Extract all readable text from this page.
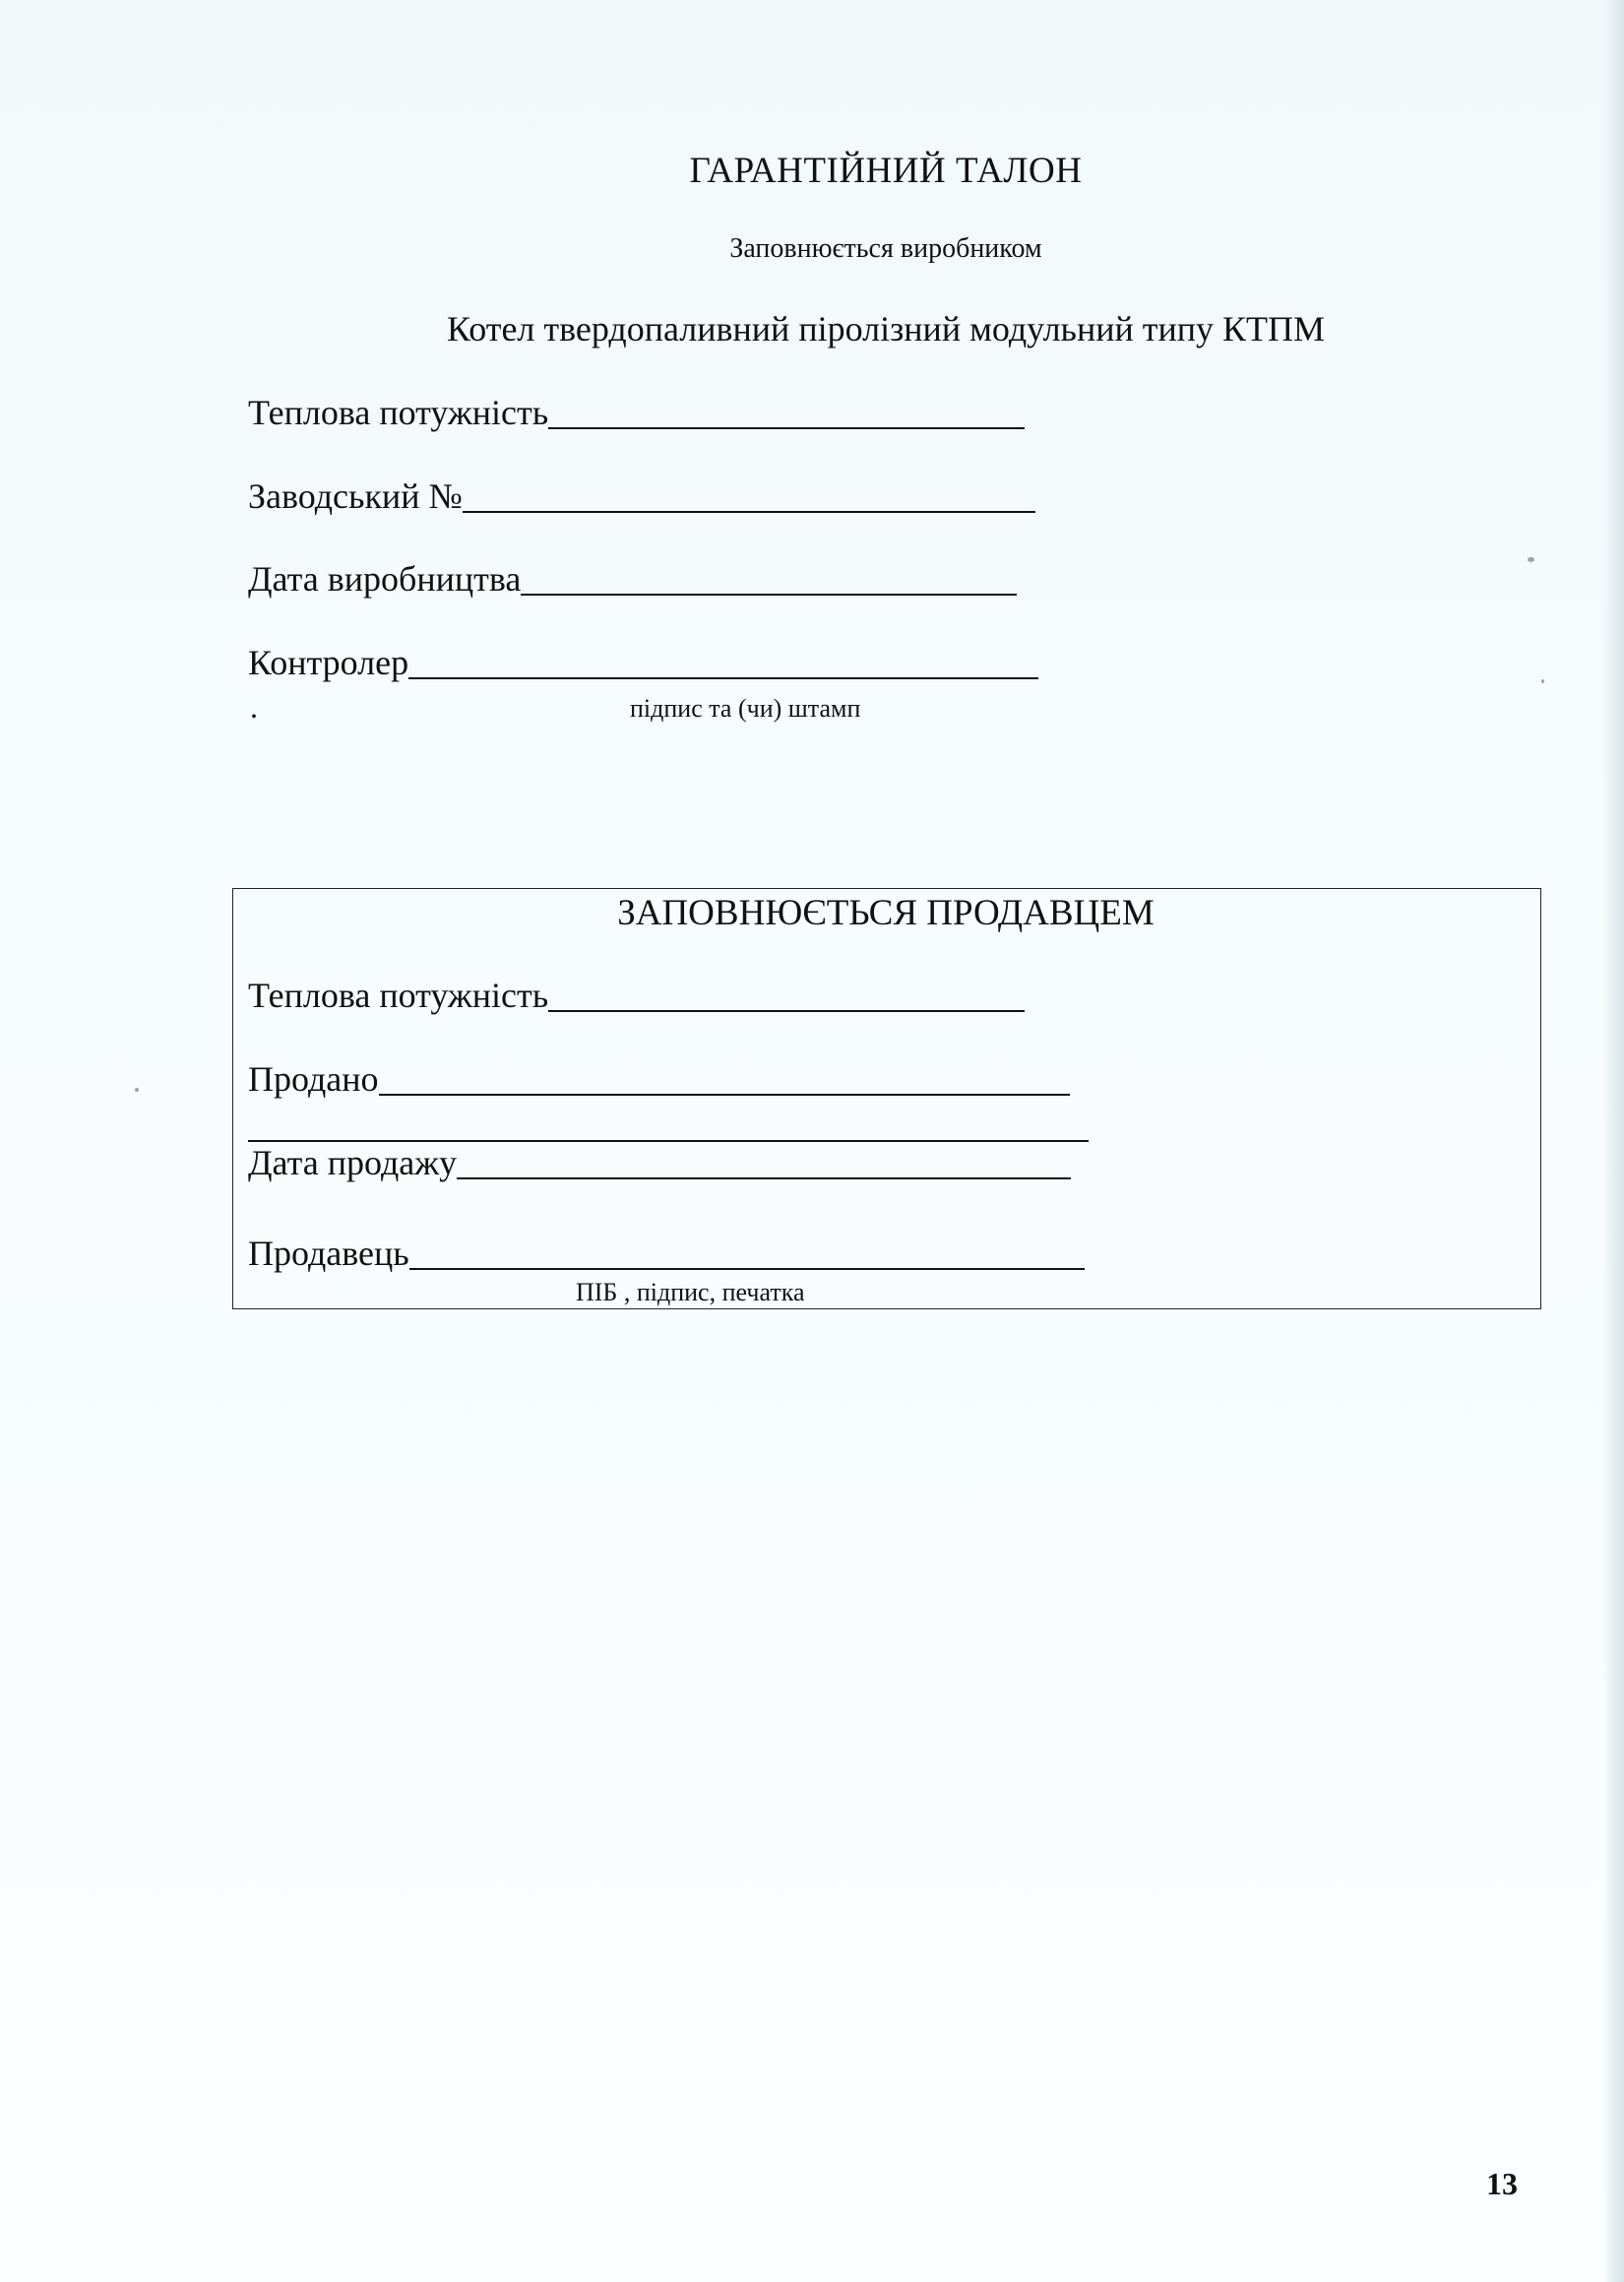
ГАРАНТІЙНИЙ ТАЛОН
Заповнюється виробником
Котел твердопаливний піролізний модульний типу КТПМ
Теплова потужність
Заводський №
Дата виробництва
Контролер
.	підпис та (чи) штамп
ЗАПОВНЮЄТЬСЯ ПРОДАВЦЕМ
Теплова потужність
Продано
Дата продажу
Продавець
ПІБ , підпис, печатка
13
